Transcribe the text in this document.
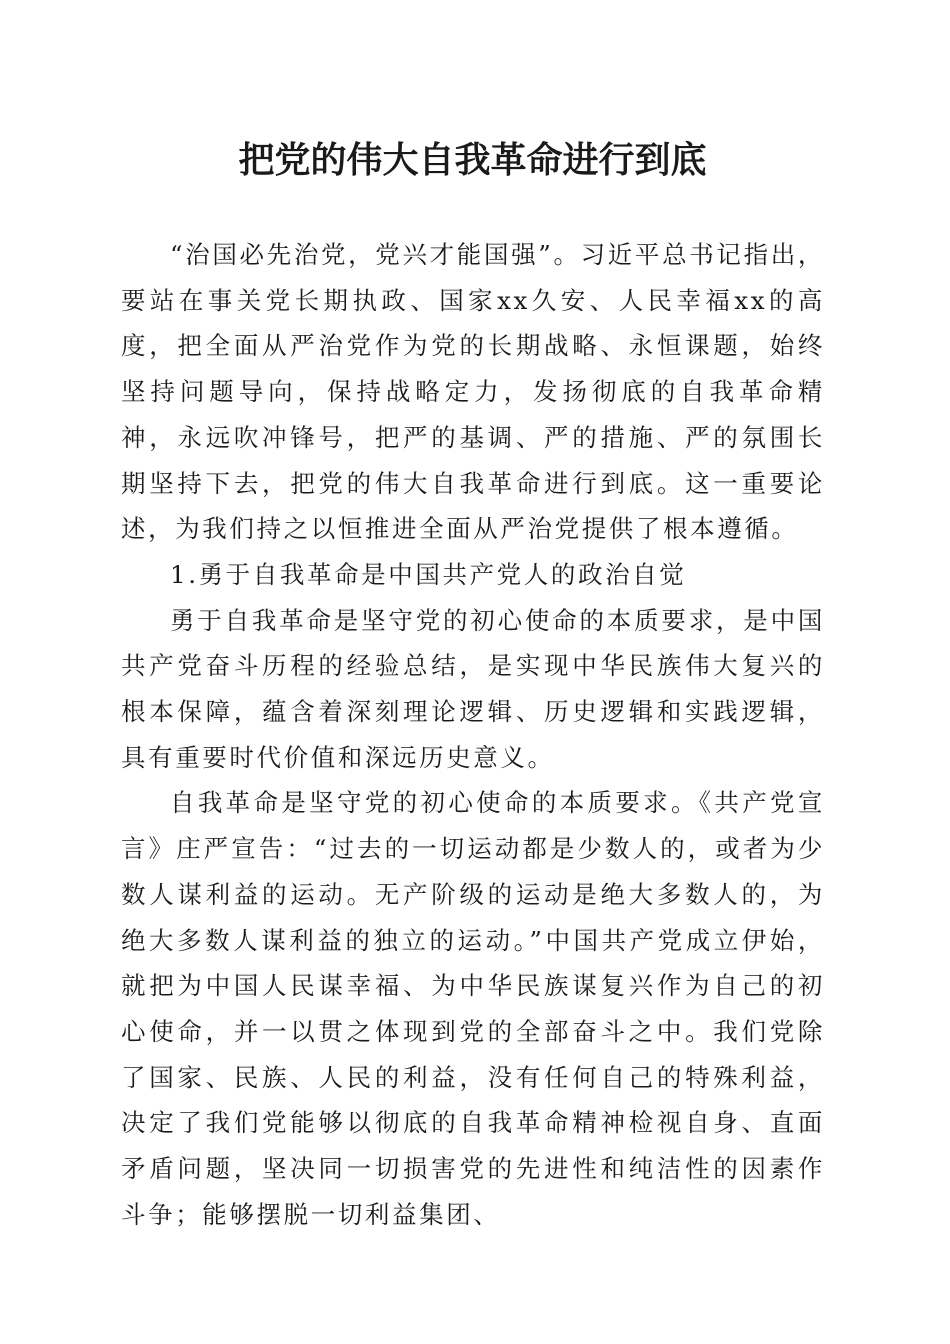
把党的伟大自我革命进行到底

“治国必先治党，党兴才能国强”。习近平总书记指出，要站在事关党长期执政、国家xx久安、人民幸福xx的高度，把全面从严治党作为党的长期战略、永恒课题，始终坚持问题导向，保持战略定力，发扬彻底的自我革命精神，永远吹冲锋号，把严的基调、严的措施、严的氛围长期坚持下去，把党的伟大自我革命进行到底。这一重要论述，为我们持之以恒推进全面从严治党提供了根本遵循。

1.勇于自我革命是中国共产党人的政治自觉

勇于自我革命是坚守党的初心使命的本质要求，是中国共产党奋斗历程的经验总结，是实现中华民族伟大复兴的根本保障，蕴含着深刻理论逻辑、历史逻辑和实践逻辑，具有重要时代价值和深远历史意义。

自我革命是坚守党的初心使命的本质要求。《共产党宣言》庄严宣告：“过去的一切运动都是少数人的，或者为少数人谋利益的运动。无产阶级的运动是绝大多数人的，为绝大多数人谋利益的独立的运动。”中国共产党成立伊始，就把为中国人民谋幸福、为中华民族谋复兴作为自己的初心使命，并一以贯之体现到党的全部奋斗之中。我们党除了国家、民族、人民的利益，没有任何自己的特殊利益，决定了我们党能够以彻底的自我革命精神检视自身、直面矛盾问题，坚决同一切损害党的先进性和纯洁性的因素作斗争；能够摆脱一切利益集团、
